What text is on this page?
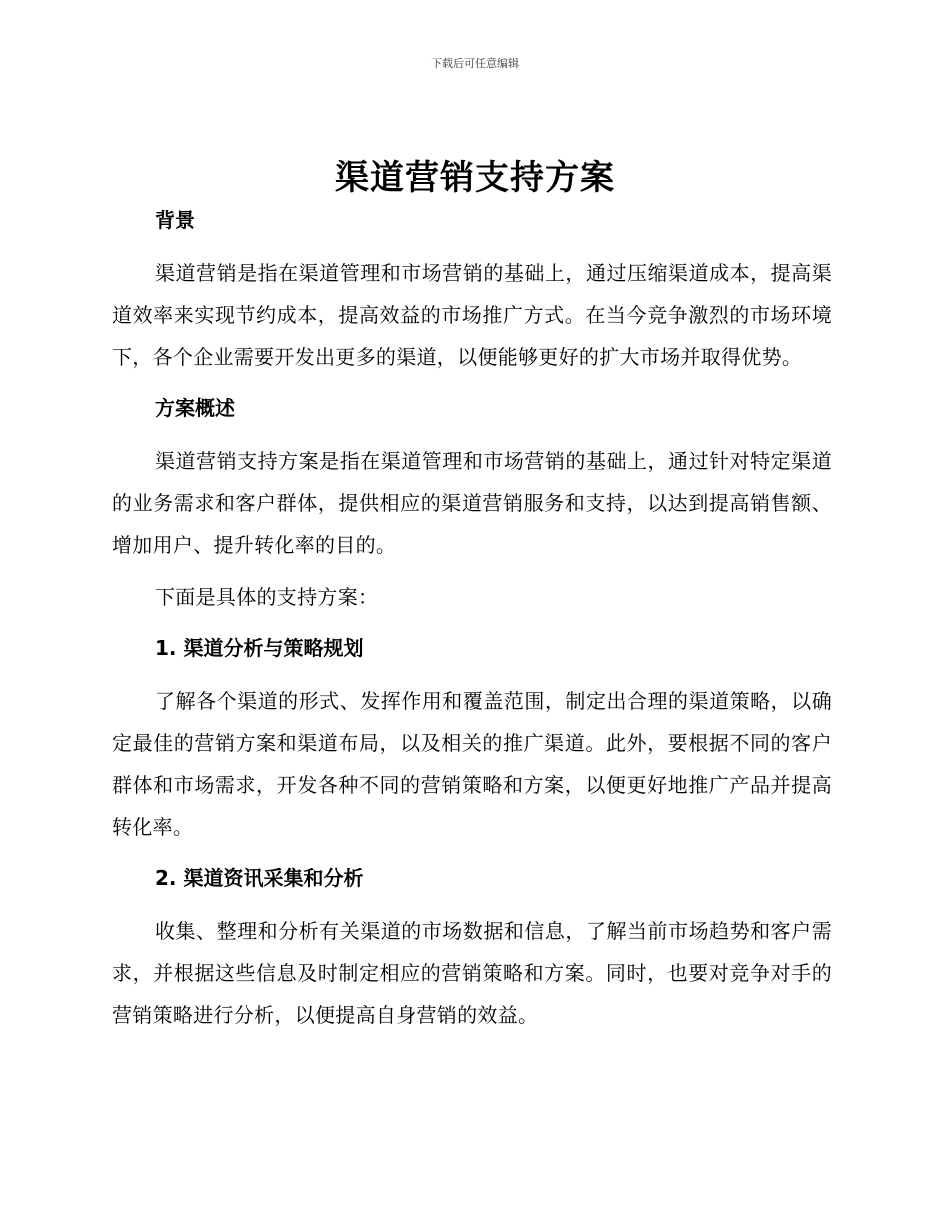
下载后可任意编辑
渠道营销支持方案

背景

渠道营销是指在渠道管理和市场营销的基础上，通过压缩渠道成本，提高渠道效率来实现节约成本，提高效益的市场推广方式。在当今竞争激烈的市场环境下，各个企业需要开发出更多的渠道，以便能够更好的扩大市场并取得优势。

方案概述

渠道营销支持方案是指在渠道管理和市场营销的基础上，通过针对特定渠道的业务需求和客户群体，提供相应的渠道营销服务和支持，以达到提高销售额、增加用户、提升转化率的目的。

下面是具体的支持方案：

1. 渠道分析与策略规划

了解各个渠道的形式、发挥作用和覆盖范围，制定出合理的渠道策略，以确定最佳的营销方案和渠道布局，以及相关的推广渠道。此外，要根据不同的客户群体和市场需求，开发各种不同的营销策略和方案，以便更好地推广产品并提高转化率。

2. 渠道资讯采集和分析

收集、整理和分析有关渠道的市场数据和信息，了解当前市场趋势和客户需求，并根据这些信息及时制定相应的营销策略和方案。同时，也要对竞争对手的营销策略进行分析，以便提高自身营销的效益。
